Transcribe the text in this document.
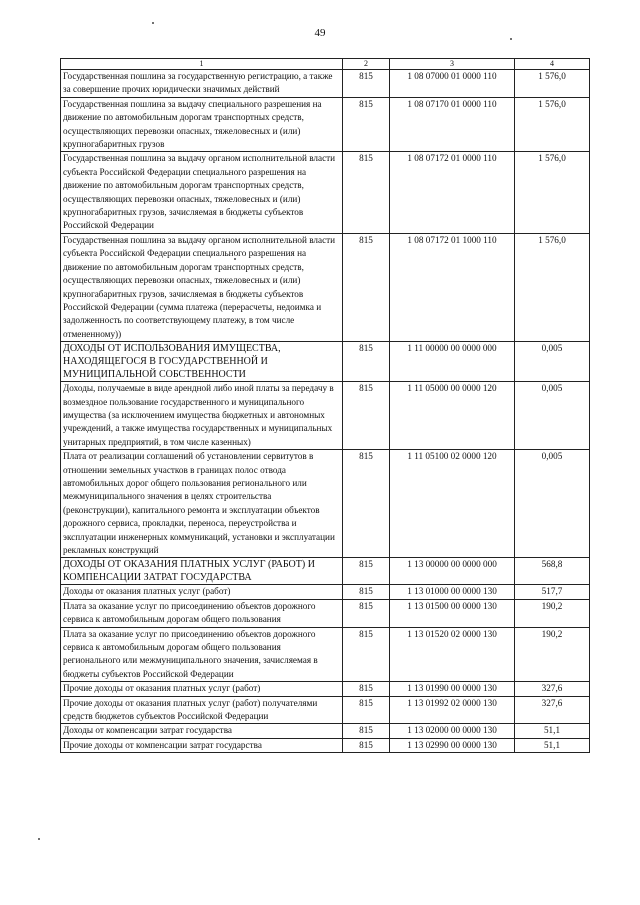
49
1	2	3	4
Государственная пошлина за государственную регистрацию, а также за совершение прочих юридически значимых действий	815	1 08 07000 01 0000 110	1 576,0
Государственная пошлина за выдачу специального разрешения на движение по автомобильным дорогам транспортных средств, осуществляющих перевозки опасных, тяжеловесных и (или) крупногабаритных грузов	815	1 08 07170 01 0000 110	1 576,0
Государственная пошлина за выдачу органом исполнительной власти субъекта Российской Федерации специального разрешения на движение по автомобильным дорогам транспортных средств, осуществляющих перевозки опасных, тяжеловесных и (или) крупногабаритных грузов, зачисляемая в бюджеты субъектов Российской Федерации	815	1 08 07172 01 0000 110	1 576,0
Государственная пошлина за выдачу органом исполнительной власти субъекта Российской Федерации специального разрешения на движение по автомобильным дорогам транспортных средств, осуществляющих перевозки опасных, тяжеловесных и (или) крупногабаритных грузов, зачисляемая в бюджеты субъектов Российской Федерации (сумма платежа (перерасчеты, недоимка и задолженность по соответствующему платежу, в том числе отмененному))	815	1 08 07172 01 1000 110	1 576,0
ДОХОДЫ ОТ ИСПОЛЬЗОВАНИЯ ИМУЩЕСТВА, НАХОДЯЩЕГОСЯ В ГОСУДАРСТВЕННОЙ И МУНИЦИПАЛЬНОЙ СОБСТВЕННОСТИ	815	1 11 00000 00 0000 000	0,005
Доходы, получаемые в виде арендной либо иной платы за передачу в возмездное пользование государственного и муниципального имущества (за исключением имущества бюджетных и автономных учреждений, а также имущества государственных и муниципальных унитарных предприятий, в том числе казенных)	815	1 11 05000 00 0000 120	0,005
Плата от реализации соглашений об установлении сервитутов в отношении земельных участков в границах полос отвода автомобильных дорог общего пользования регионального или межмуниципального значения в целях строительства (реконструкции), капитального ремонта и эксплуатации объектов дорожного сервиса, прокладки, переноса, переустройства и эксплуатации инженерных коммуникаций, установки и эксплуатации рекламных конструкций	815	1 11 05100 02 0000 120	0,005
ДОХОДЫ ОТ ОКАЗАНИЯ ПЛАТНЫХ УСЛУГ (РАБОТ) И КОМПЕНСАЦИИ ЗАТРАТ ГОСУДАРСТВА	815	1 13 00000 00 0000 000	568,8
Доходы от оказания платных услуг (работ)	815	1 13 01000 00 0000 130	517,7
Плата за оказание услуг по присоединению объектов дорожного сервиса к автомобильным дорогам общего пользования	815	1 13 01500 00 0000 130	190,2
Плата за оказание услуг по присоединению объектов дорожного сервиса к автомобильным дорогам общего пользования регионального или межмуниципального значения, зачисляемая в бюджеты субъектов Российской Федерации	815	1 13 01520 02 0000 130	190,2
Прочие доходы от оказания платных услуг (работ)	815	1 13 01990 00 0000 130	327,6
Прочие доходы от оказания платных услуг (работ) получателями средств бюджетов субъектов Российской Федерации	815	1 13 01992 02 0000 130	327,6
Доходы от компенсации затрат государства	815	1 13 02000 00 0000 130	51,1
Прочие доходы от компенсации затрат государства	815	1 13 02990 00 0000 130	51,1
